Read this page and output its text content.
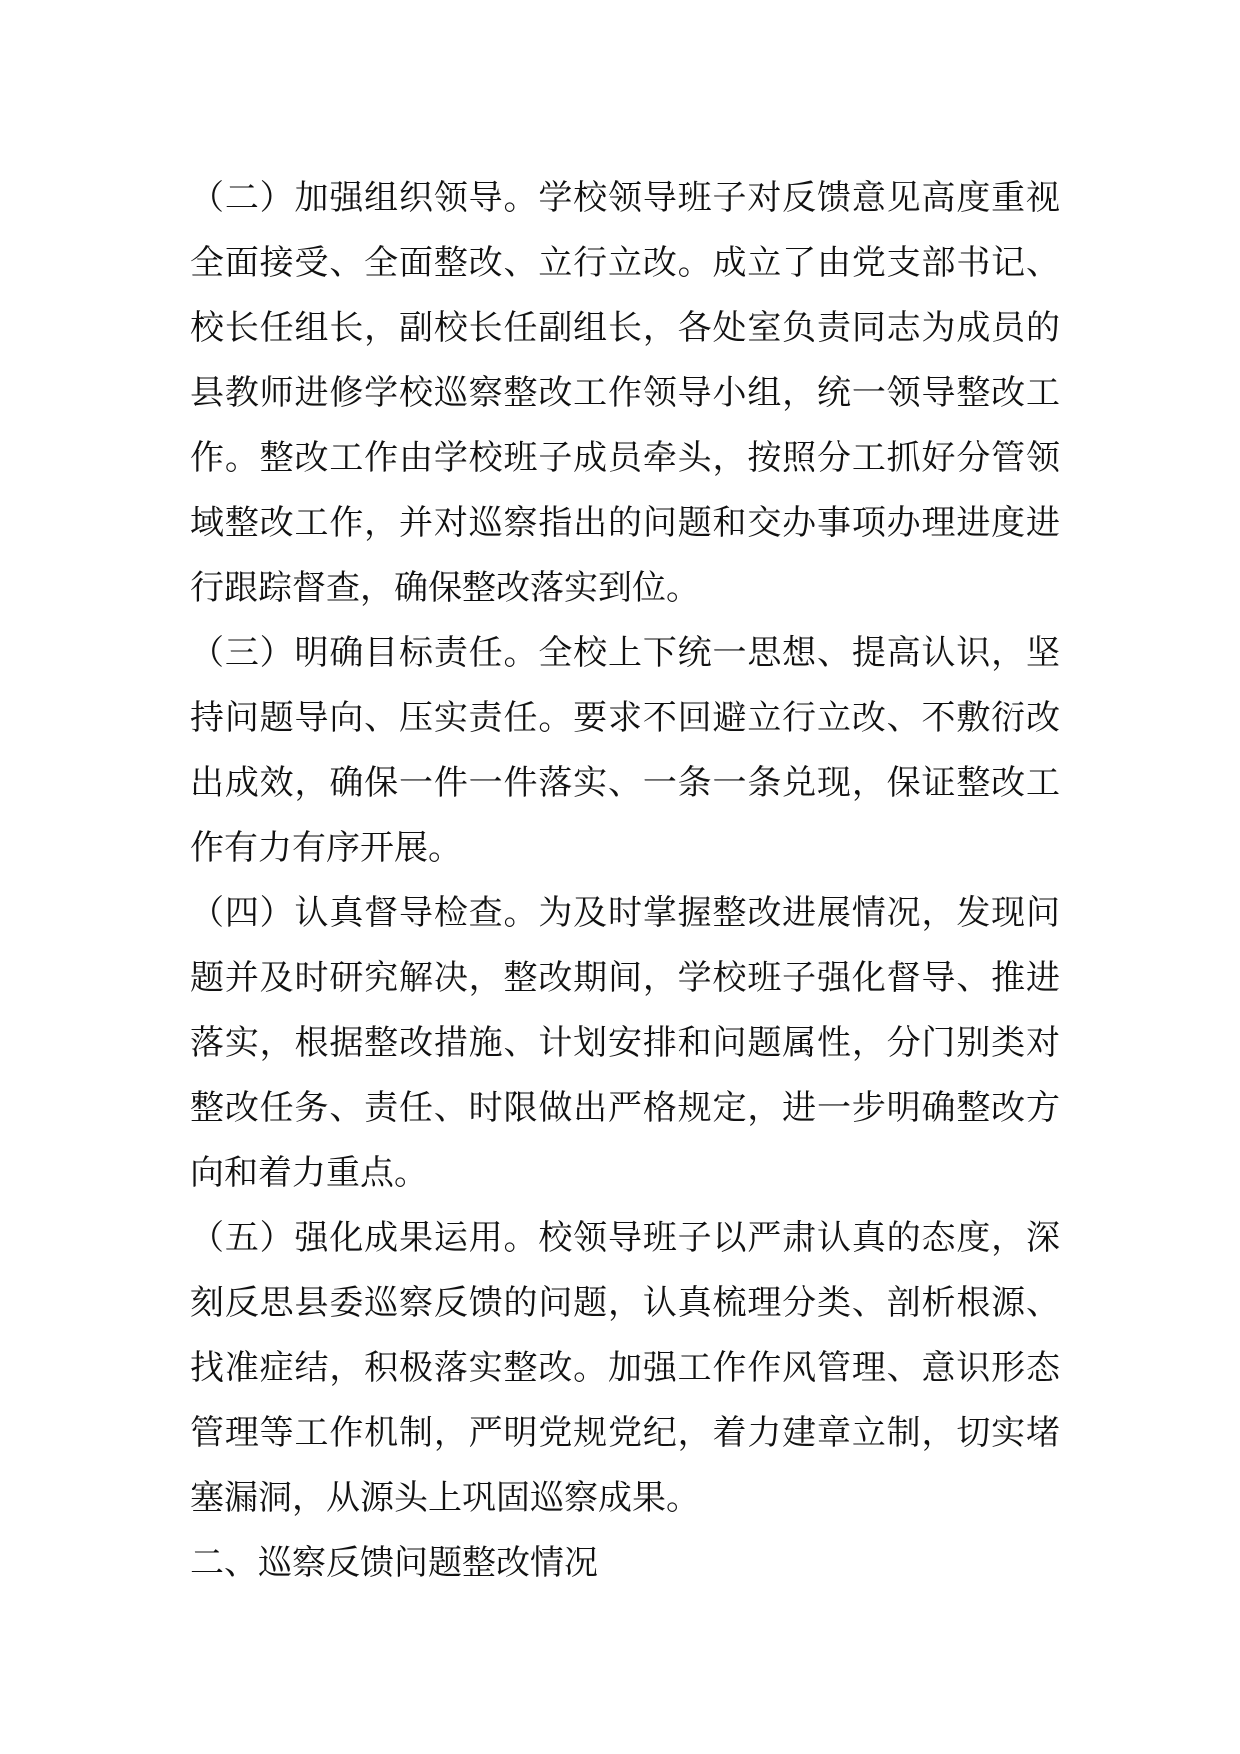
（二）加强组织领导。学校领导班子对反馈意见高度重视
全面接受、全面整改、立行立改。成立了由党支部书记、
校长任组长，副校长任副组长，各处室负责同志为成员的
县教师进修学校巡察整改工作领导小组，统一领导整改工
作。整改工作由学校班子成员牵头，按照分工抓好分管领
域整改工作，并对巡察指出的问题和交办事项办理进度进
行跟踪督查，确保整改落实到位。
（三）明确目标责任。全校上下统一思想、提高认识，坚
持问题导向、压实责任。要求不回避立行立改、不敷衍改
出成效，确保一件一件落实、一条一条兑现，保证整改工
作有力有序开展。
（四）认真督导检查。为及时掌握整改进展情况，发现问
题并及时研究解决，整改期间，学校班子强化督导、推进
落实，根据整改措施、计划安排和问题属性，分门别类对
整改任务、责任、时限做出严格规定，进一步明确整改方
向和着力重点。
（五）强化成果运用。校领导班子以严肃认真的态度，深
刻反思县委巡察反馈的问题，认真梳理分类、剖析根源、
找准症结，积极落实整改。加强工作作风管理、意识形态
管理等工作机制，严明党规党纪，着力建章立制，切实堵
塞漏洞，从源头上巩固巡察成果。
二、巡察反馈问题整改情况
